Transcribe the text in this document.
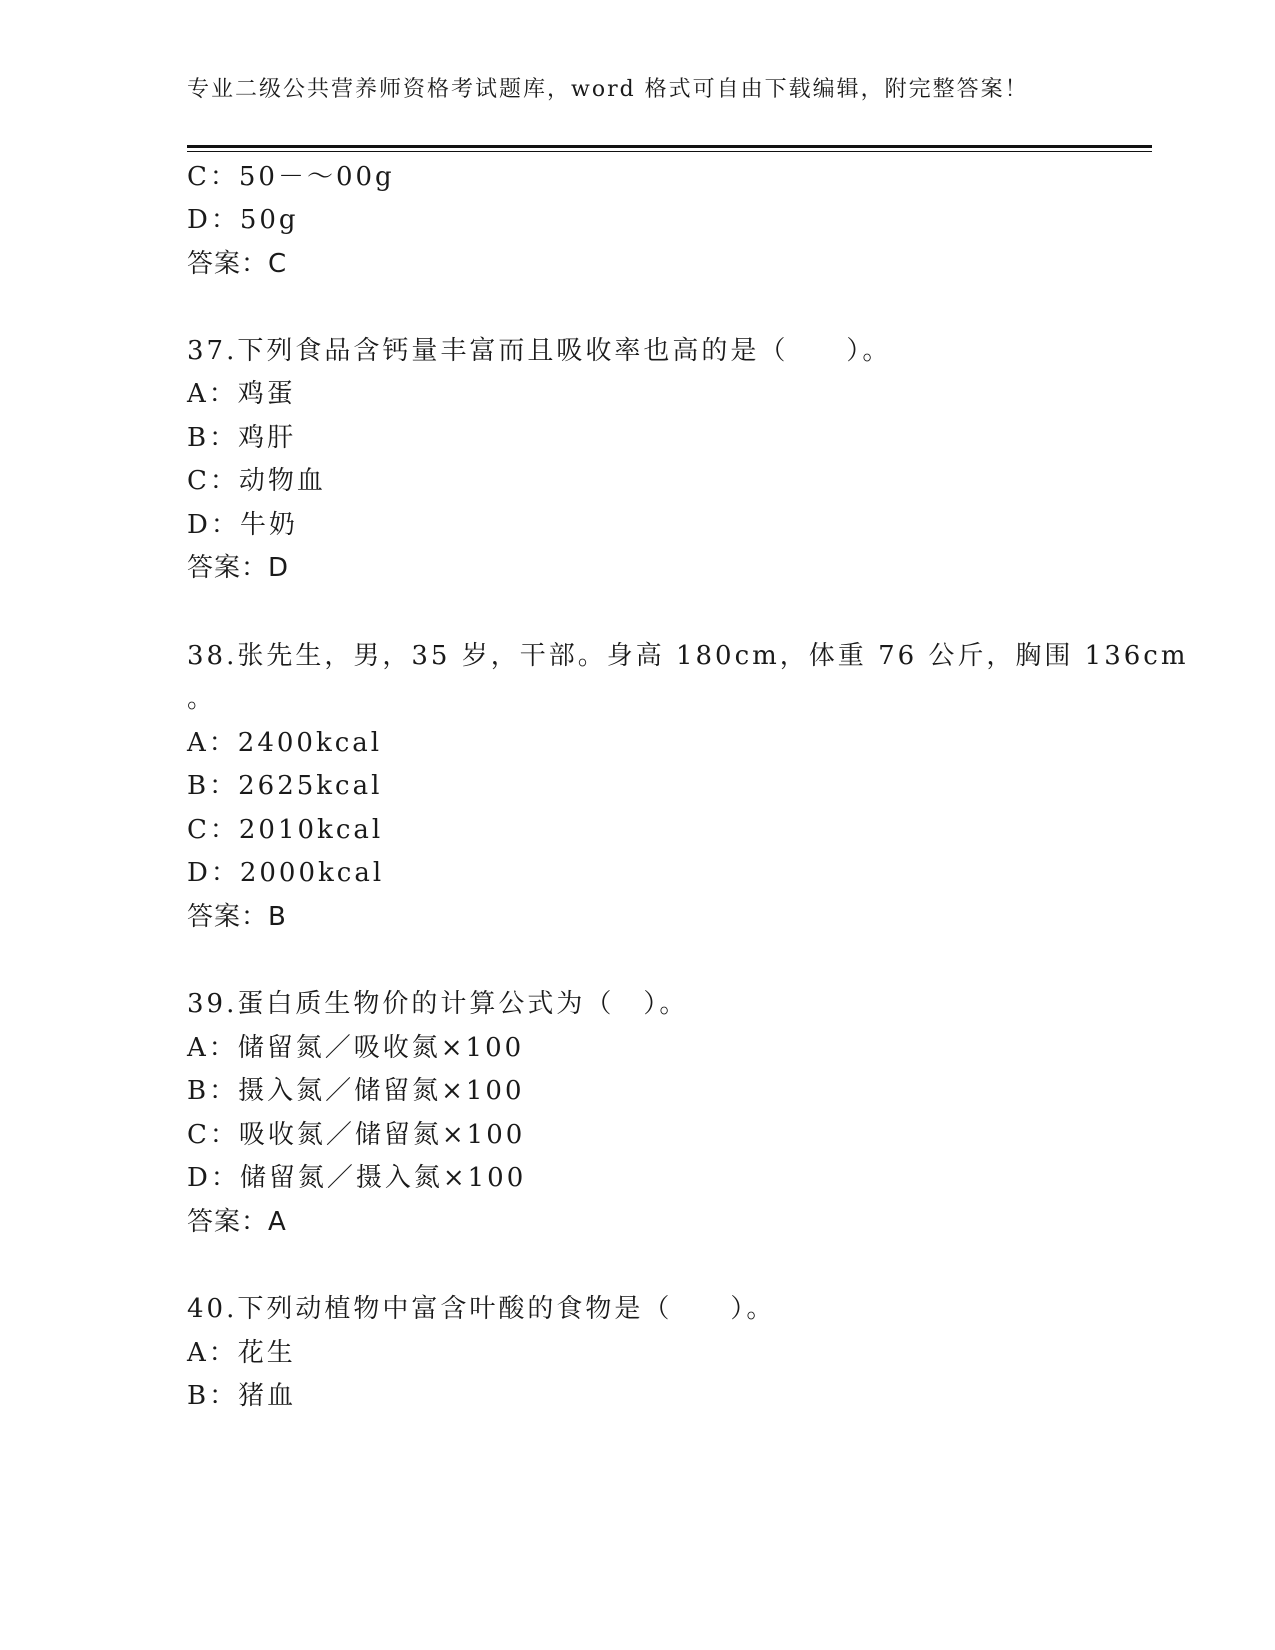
专业二级公共营养师资格考试题库，word 格式可自由下载编辑，附完整答案！
C：50－～00g
D：50g
答案：C
37.下列食品含钙量丰富而且吸收率也高的是（　　）。
A：鸡蛋
B：鸡肝
C：动物血
D：牛奶
答案：D
38.张先生，男，35 岁，干部。身高 180cm，体重 76 公斤，胸围 136cm
。
A：2400kcal
B：2625kcal
C：2010kcal
D：2000kcal
答案：B
39.蛋白质生物价的计算公式为（　）。
A：储留氮／吸收氮×100
B：摄入氮／储留氮×100
C：吸收氮／储留氮×100
D：储留氮／摄入氮×100
答案：A
40.下列动植物中富含叶酸的食物是（　　）。
A：花生
B：猪血
